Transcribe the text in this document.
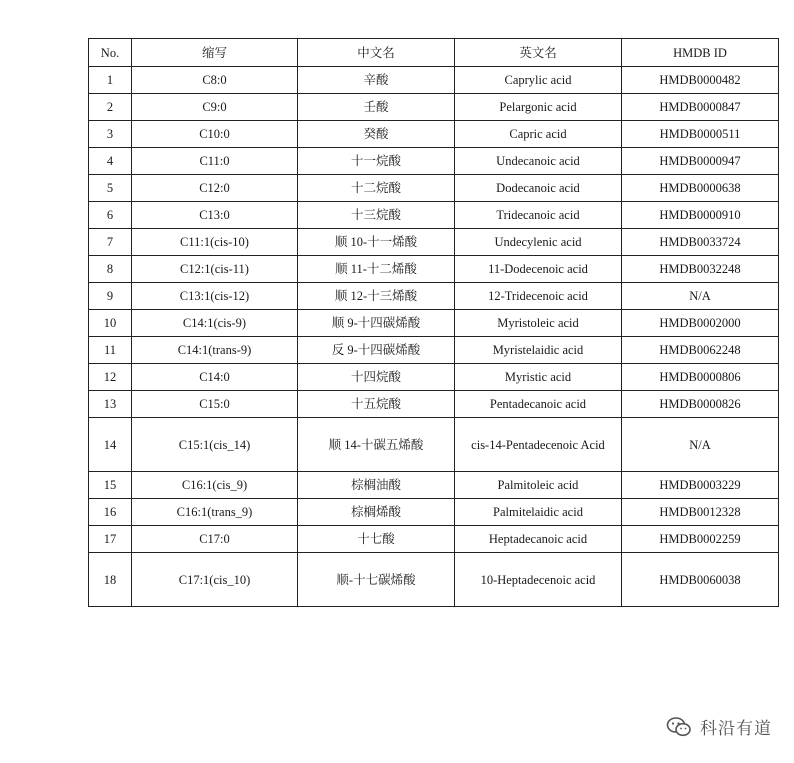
No.	缩写	中文名	英文名	HMDB ID
1	C8:0	辛酸	Caprylic acid	HMDB0000482
2	C9:0	壬酸	Pelargonic acid	HMDB0000847
3	C10:0	癸酸	Capric acid	HMDB0000511
4	C11:0	十一烷酸	Undecanoic acid	HMDB0000947
5	C12:0	十二烷酸	Dodecanoic acid	HMDB0000638
6	C13:0	十三烷酸	Tridecanoic acid	HMDB0000910
7	C11:1(cis-10)	顺 10-十一烯酸	Undecylenic acid	HMDB0033724
8	C12:1(cis-11)	顺 11-十二烯酸	11-Dodecenoic acid	HMDB0032248
9	C13:1(cis-12)	顺 12-十三烯酸	12-Tridecenoic acid	N/A
10	C14:1(cis-9)	顺 9-十四碳烯酸	Myristoleic acid	HMDB0002000
11	C14:1(trans-9)	反 9-十四碳烯酸	Myristelaidic acid	HMDB0062248
12	C14:0	十四烷酸	Myristic acid	HMDB0000806
13	C15:0	十五烷酸	Pentadecanoic acid	HMDB0000826
14	C15:1(cis_14)	顺 14-十碳五烯酸	cis-14-Pentadecenoic Acid	N/A
15	C16:1(cis_9)	棕榈油酸	Palmitoleic acid	HMDB0003229
16	C16:1(trans_9)	棕榈烯酸	Palmitelaidic acid	HMDB0012328
17	C17:0	十七酸	Heptadecanoic acid	HMDB0002259
18	C17:1(cis_10)	顺-十七碳烯酸	10-Heptadecenoic acid	HMDB0060038
科沿有道
